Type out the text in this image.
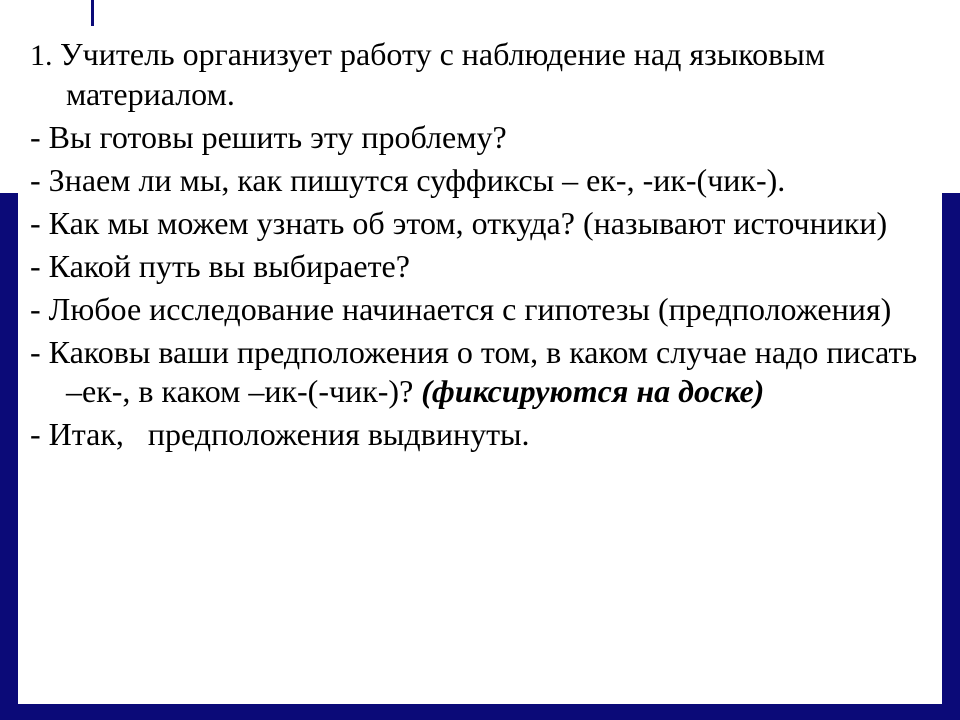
1. Учитель организует работу с наблюдение над языковым материалом.
- Вы готовы решить эту проблему?
- Знаем ли мы, как пишутся суффиксы – ек-, -ик-(чик-).
- Как мы можем узнать об этом, откуда? (называют источники)
- Какой путь вы выбираете?
- Любое исследование начинается с гипотезы (предположения)
- Каковы ваши предположения о том, в каком случае надо писать –ек-, в каком –ик-(-чик-)? (фиксируются на доске)
- Итак,   предположения выдвинуты.
